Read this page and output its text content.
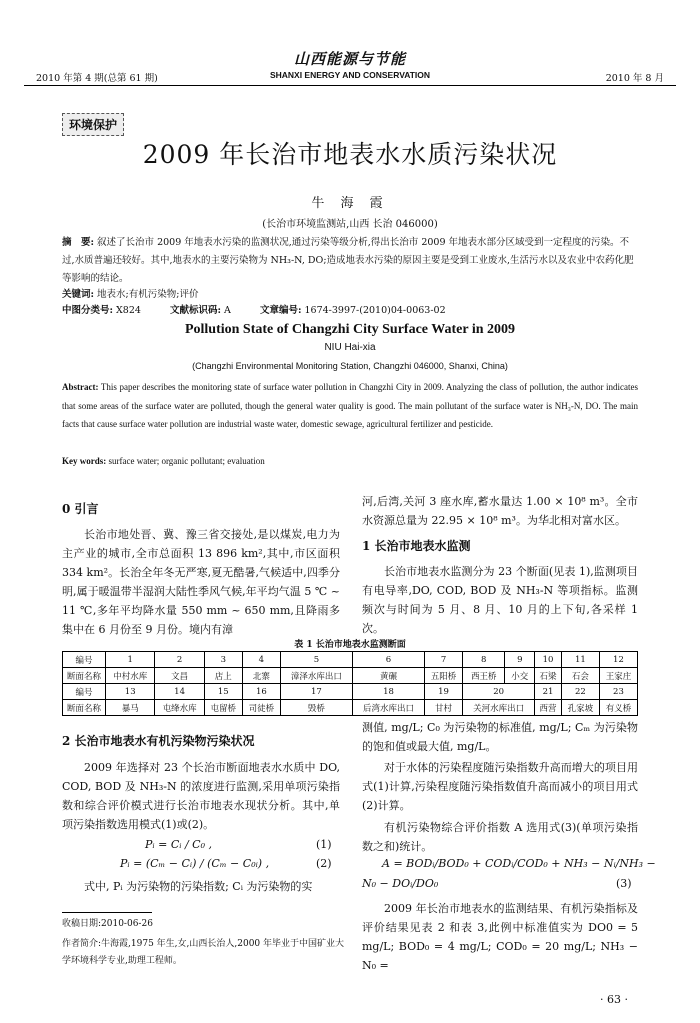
2010 年第 4 期(总第 61 期)
山西能源与节能
SHANXI ENERGY AND CONSERVATION	2010 年 8 月
环境保护
2009 年长治市地表水水质污染状况
牛 海 霞
(长治市环境监测站,山西 长治 046000)
摘　要: 叙述了长治市 2009 年地表水污染的监测状况,通过污染等级分析,得出长治市 2009 年地表水部分区域受到一定程度的污染。不过,水质普遍还较好。其中,地表水的主要污染物为 NH₃-N, DO;造成地表水污染的原因主要是受到工业废水,生活污水以及农业中农药化肥等影响的结论。
关键词: 地表水;有机污染物;评价
中图分类号: X824	文献标识码: A	文章编号: 1674-3997-(2010)04-0063-02
Pollution State of Changzhi City Surface Water in 2009
NIU Hai-xia
(Changzhi Environmental Monitoring Station, Changzhi 046000, Shanxi, China)
Abstract: This paper describes the monitoring state of surface water pollution in Changzhi City in 2009. Analyzing the class of pollution, the author indicates that some areas of the surface water are polluted, though the general water quality is good. The main pollutant of the surface water is NH₃-N, DO. The main facts that cause surface water pollution are industrial waste water, domestic sewage, agricultural fertilizer and pesticide.
Key words: surface water; organic pollutant; evaluation
0 引言
长治市地处晋、冀、豫三省交接处,是以煤炭,电力为主产业的城市,全市总面积 13 896 km²,其中,市区面积 334 km²。长治全年冬无严寒,夏无酷暑,气候适中,四季分明,属于暖温带半湿润大陆性季风气候,年平均气温 5 ℃ ~ 11 ℃,多年平均降水量 550 mm ~ 650 mm,且降雨多集中在 6 月份至 9 月份。境内有漳
河,后湾,关河 3 座水库,蓄水量达 1.00 × 10⁸ m³。全市水资源总量为 22.95 × 10⁸ m³。为华北相对富水区。
1 长治市地表水监测
长治市地表水监测分为 23 个断面(见表 1),监测项目有电导率,DO, COD, BOD 及 NH₃-N 等项指标。监测频次与时间为 5 月、8 月、10 月的上下旬,各采样 1 次。
表 1 长治市地表水监测断面
编号	1	2	3	4	5	6	7	8	9	10	11	12
断面名称	中村水库	文昌	店上	北寨	漳泽水库出口	黄碾	五阳桥	西王桥	小交	石梁	石会	王家庄
编号	13	14	15	16	17	18	19	20		21	22	23
断面名称	暴马	屯绛水库	屯留桥	司徒桥	毁桥	后湾水库出口	甘村	关河水库出口		西营	孔家坡	有义桥
2 长治市地表水有机污染物污染状况
2009 年选择对 23 个长治市断面地表水水质中 DO, COD, BOD 及 NH₃-N 的浓度进行监测,采用单项污染指数和综合评价模式进行长治市地表水现状分析。其中,单项污染指数选用模式(1)或(2)。
Pᵢ = Cᵢ / C₀ ,	(1)
Pᵢ = (Cₘ − Cᵢ) / (Cₘ − C₀ᵢ) ,	(2)
式中, Pᵢ 为污染物的污染指数; Cᵢ 为污染物的实
测值, mg/L; C₀ 为污染物的标准值, mg/L; Cₘ 为污染物的饱和值或最大值, mg/L。
对于水体的污染程度随污染指数升高而增大的项目用式(1)计算,污染程度随污染指数值升高而减小的项目用式(2)计算。
有机污染物综合评价指数 A 选用式(3)(单项污染指数之和)统计。
A = BODᵢ/BOD₀ + CODᵢ/COD₀ + NH₃ − Nᵢ/NH₃ −
N₀ − DOᵢ/DO₀	(3)
2009 年长治市地表水的监测结果、有机污染指标及评价结果见表 2 和表 3,此例中标准值实为 DO0 = 5 mg/L; BOD₀ = 4 mg/L; COD₀ = 20 mg/L; NH₃ − N₀ =
收稿日期:2010-06-26
作者简介:牛海霞,1975 年生,女,山西长治人,2000 年毕业于中国矿业大学环境科学专业,助理工程师。
· 63 ·
